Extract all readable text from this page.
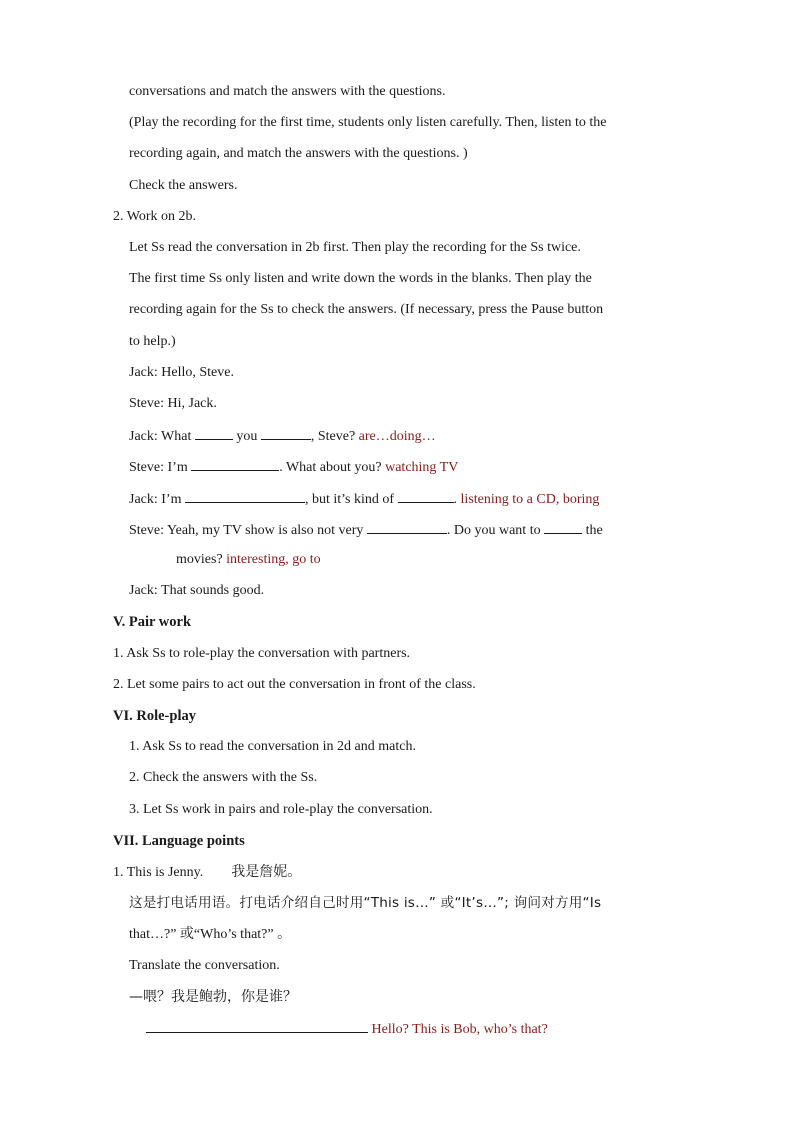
conversations and match the answers with the questions.
(Play the recording for the first time, students only listen carefully. Then, listen to the
recording again, and match the answers with the questions. )
Check the answers.
2. Work on 2b.
Let Ss read the conversation in 2b first. Then play the recording for the Ss twice.
The first time Ss only listen and write down the words in the blanks. Then play the
recording again for the Ss to check the answers. (If necessary, press the Pause button
to help.)
Jack: Hello, Steve.
Steve: Hi, Jack.
Jack: What	you	, Steve? are…doing…
Steve: I’m	. What about you? watching TV
Jack: I’m	, but it’s kind of	. listening to a CD, boring
Steve: Yeah, my TV show is also not very	. Do you want to	the
movies? interesting, go to
Jack: That sounds good.
V. Pair work
1. Ask Ss to role-play the conversation with partners.
2. Let some pairs to act out the conversation in front of the class.
VI. Role-play
1. Ask Ss to read the conversation in 2d and match.
2. Check the answers with the Ss.
3. Let Ss work in pairs and role-play the conversation.
VII. Language points
1. This is Jenny. 我是詹妮。
这是打电话用语。打电话介绍自己时用“This is…” 或“It’s…”; 询问对方用“Is
that…?” 或“Who’s that?” 。
Translate the conversation.
—喂？我是鲍勃，你是谁？
Hello? This is Bob, who’s that?
